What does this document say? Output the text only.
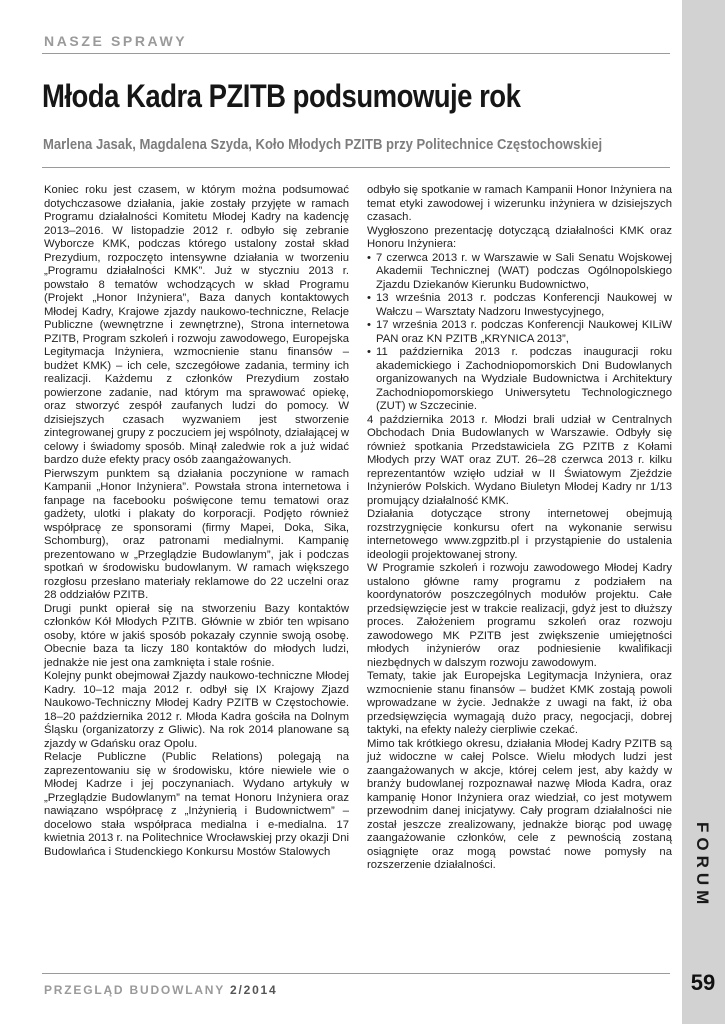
FORUM
NASZE SPRAWY
Młoda Kadra PZITB podsumowuje rok
Marlena Jasak, Magdalena Szyda, Koło Młodych PZITB przy Politechnice Częstochowskiej

Koniec roku jest czasem, w którym można podsumować dotychczasowe działania, jakie zostały przyjęte w ramach Programu działalności Komitetu Młodej Kadry na kadencję 2013–2016. W listopadzie 2012 r. odbyło się zebranie Wyborcze KMK, podczas którego ustalony został skład Prezydium, rozpoczęto intensywne działania w tworzeniu „Programu działalności KMK”. Już w styczniu 2013 r. powstało 8 tematów wchodzących w skład Programu (Projekt „Honor Inżyniera”, Baza danych kontaktowych Młodej Kadry, Krajowe zjazdy naukowo-techniczne, Relacje Publiczne (wewnętrzne i zewnętrzne), Strona internetowa PZITB, Program szkoleń i rozwoju zawodowego, Europejska Legitymacja Inżyniera, wzmocnienie stanu finansów – budżet KMK) – ich cele, szczegółowe zadania, terminy ich realizacji. Każdemu z członków Prezydium zostało powierzone zadanie, nad którym ma sprawować opiekę, oraz stworzyć zespół zaufanych ludzi do pomocy. W dzisiejszych czasach wyzwaniem jest stworzenie zintegrowanej grupy z poczuciem jej wspólnoty, działającej w celowy i świadomy sposób. Minął zaledwie rok a już widać bardzo duże efekty pracy osób zaangażowanych.

Pierwszym punktem są działania poczynione w ramach Kampanii „Honor Inżyniera”. Powstała strona internetowa i fanpage na facebooku poświęcone temu tematowi oraz gadżety, ulotki i plakaty do korporacji. Podjęto również współpracę ze sponsorami (firmy Mapei, Doka, Sika, Schomburg), oraz patronami medialnymi. Kampanię prezentowano w „Przeglądzie Budowlanym”, jak i podczas spotkań w środowisku budowlanym. W ramach większego rozgłosu przesłano materiały reklamowe do 22 uczelni oraz 28 oddziałów PZITB.

Drugi punkt opierał się na stworzeniu Bazy kontaktów członków Kół Młodych PZITB. Głównie w zbiór ten wpisano osoby, które w jakiś sposób pokazały czynnie swoją osobę. Obecnie baza ta liczy 180 kontaktów do młodych ludzi, jednakże nie jest ona zamknięta i stale rośnie.

Kolejny punkt obejmował Zjazdy naukowo-techniczne Młodej Kadry. 10–12 maja 2012 r. odbył się IX Krajowy Zjazd Naukowo-Techniczny Młodej Kadry PZITB w Częstochowie. 18–20 października 2012 r. Młoda Kadra gościła na Dolnym Śląsku (organizatorzy z Gliwic). Na rok 2014 planowane są zjazdy w Gdańsku oraz Opolu.

Relacje Publiczne (Public Relations) polegają na zaprezentowaniu się w środowisku, które niewiele wie o Młodej Kadrze i jej poczynaniach. Wydano artykuły w „Przeglądzie Budowlanym” na temat Honoru Inżyniera oraz nawiązano współpracę z „Inżynierią i Budownictwem” – docelowo stała współpraca medialna i e-medialna. 17 kwietnia 2013 r. na Politechnice Wrocławskiej przy okazji Dni Budowlańca i Studenckiego Konkursu Mostów Stalowych

odbyło się spotkanie w ramach Kampanii Honor Inżyniera na temat etyki zawodowej i wizerunku inżyniera w dzisiejszych czasach.

Wygłoszono prezentację dotyczącą działalności KMK oraz Honoru Inżyniera:

• 7 czerwca 2013 r. w Warszawie w Sali Senatu Wojskowej Akademii Technicznej (WAT) podczas Ogólnopolskiego Zjazdu Dziekanów Kierunku Budownictwo,
• 13 września 2013 r. podczas Konferencji Naukowej w Wałczu – Warsztaty Nadzoru Inwestycyjnego,
• 17 września 2013 r. podczas Konferencji Naukowej KILiW PAN oraz KN PZITB „KRYNICA 2013”,
• 11 października 2013 r. podczas inauguracji roku akademickiego i Zachodniopomorskich Dni Budowlanych organizowanych na Wydziale Budownictwa i Architektury Zachodniopomorskiego Uniwersytetu Technologicznego (ZUT) w Szczecinie.

4 października 2013 r. Młodzi brali udział w Centralnych Obchodach Dnia Budowlanych w Warszawie. Odbyły się również spotkania Przedstawiciela ZG PZITB z Kołami Młodych przy WAT oraz ZUT. 26–28 czerwca 2013 r. kilku reprezentantów wzięło udział w II Światowym Zjeździe Inżynierów Polskich. Wydano Biuletyn Młodej Kadry nr 1/13 promujący działalność KMK.

Działania dotyczące strony internetowej obejmują rozstrzygnięcie konkursu ofert na wykonanie serwisu internetowego www.zgpzitb.pl i przystąpienie do ustalenia ideologii projektowanej strony.

W Programie szkoleń i rozwoju zawodowego Młodej Kadry ustalono główne ramy programu z podziałem na koordynatorów poszczególnych modułów projektu. Całe przedsięwzięcie jest w trakcie realizacji, gdyż jest to dłuższy proces. Założeniem programu szkoleń oraz rozwoju zawodowego MK PZITB jest zwiększenie umiejętności młodych inżynierów oraz podniesienie kwalifikacji niezbędnych w dalszym rozwoju zawodowym.

Tematy, takie jak Europejska Legitymacja Inżyniera, oraz wzmocnienie stanu finansów – budżet KMK zostają powoli wprowadzane w życie. Jednakże z uwagi na fakt, iż oba przedsięwzięcia wymagają dużo pracy, negocjacji, dobrej taktyki, na efekty należy cierpliwie czekać.

Mimo tak krótkiego okresu, działania Młodej Kadry PZITB są już widoczne w całej Polsce. Wielu młodych ludzi jest zaangażowanych w akcje, której celem jest, aby każdy w branży budowlanej rozpoznawał nazwę Młoda Kadra, oraz kampanię Honor Inżyniera oraz wiedział, co jest motywem przewodnim danej inicjatywy. Cały program działalności nie został jeszcze zrealizowany, jednakże biorąc pod uwagę zaangażowanie członków, cele z pewnością zostaną osiągnięte oraz mogą powstać nowe pomysły na rozszerzenie działalności.

PRZEGLĄD BUDOWLANY 2/2014	59
